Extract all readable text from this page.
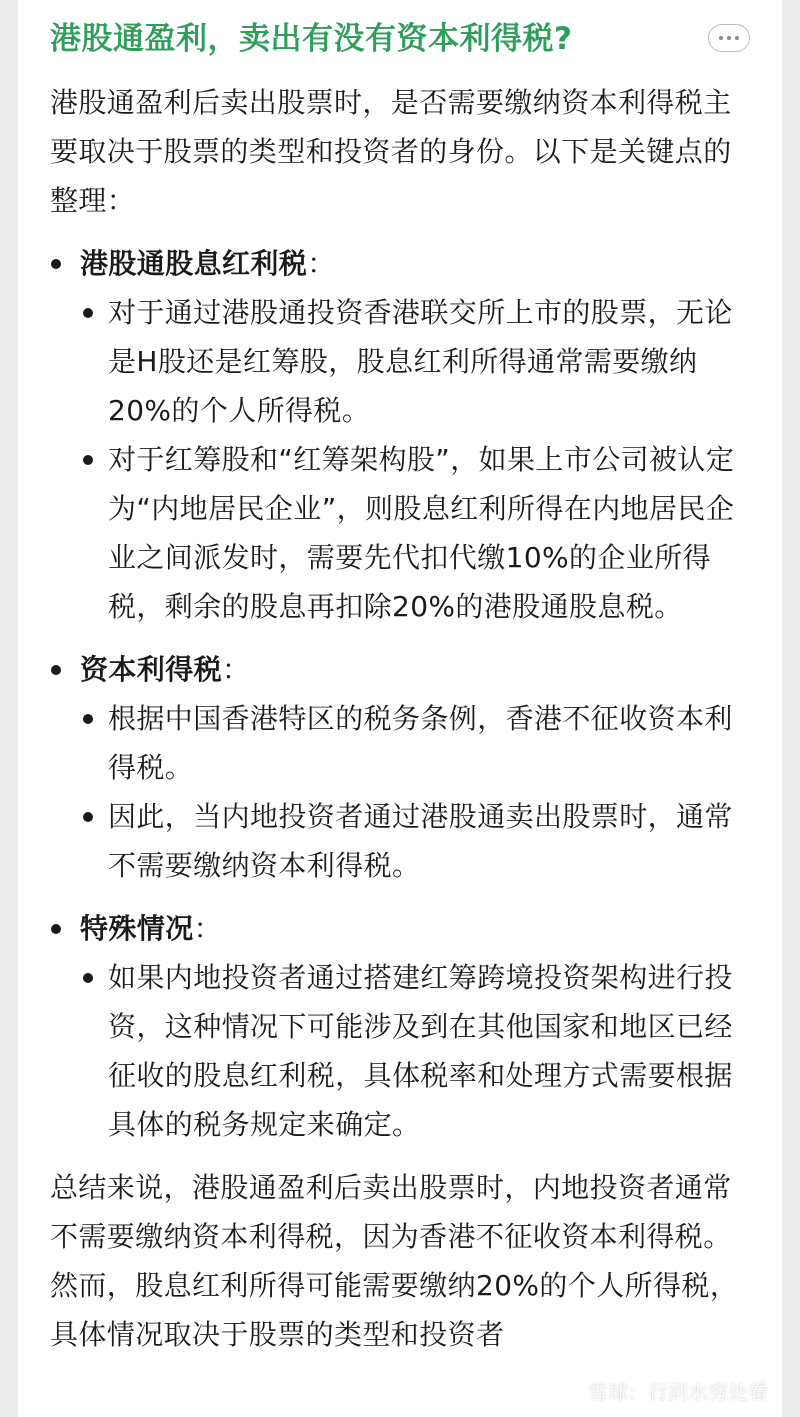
港股通盈利，卖出有没有资本利得税?

港股通盈利后卖出股票时，是否需要缴纳资本利得税主要取决于股票的类型和投资者的身份。以下是关键点的整理：

港股通股息红利税：
对于通过港股通投资香港联交所上市的股票，无论是H股还是红筹股，股息红利所得通常需要缴纳20%的个人所得税。
对于红筹股和“红筹架构股”，如果上市公司被认定为“内地居民企业”，则股息红利所得在内地居民企业之间派发时，需要先代扣代缴10%的企业所得税，剩余的股息再扣除20%的港股通股息税。
资本利得税：
根据中国香港特区的税务条例，香港不征收资本利得税。
因此，当内地投资者通过港股通卖出股票时，通常不需要缴纳资本利得税。
特殊情况：
如果内地投资者通过搭建红筹跨境投资架构进行投资，这种情况下可能涉及到在其他国家和地区已经征收的股息红利税，具体税率和处理方式需要根据具体的税务规定来确定。

总结来说，港股通盈利后卖出股票时，内地投资者通常不需要缴纳资本利得税，因为香港不征收资本利得税。然而，股息红利所得可能需要缴纳20%的个人所得税，具体情况取决于股票的类型和投资者

雪球：行到水穷处看
